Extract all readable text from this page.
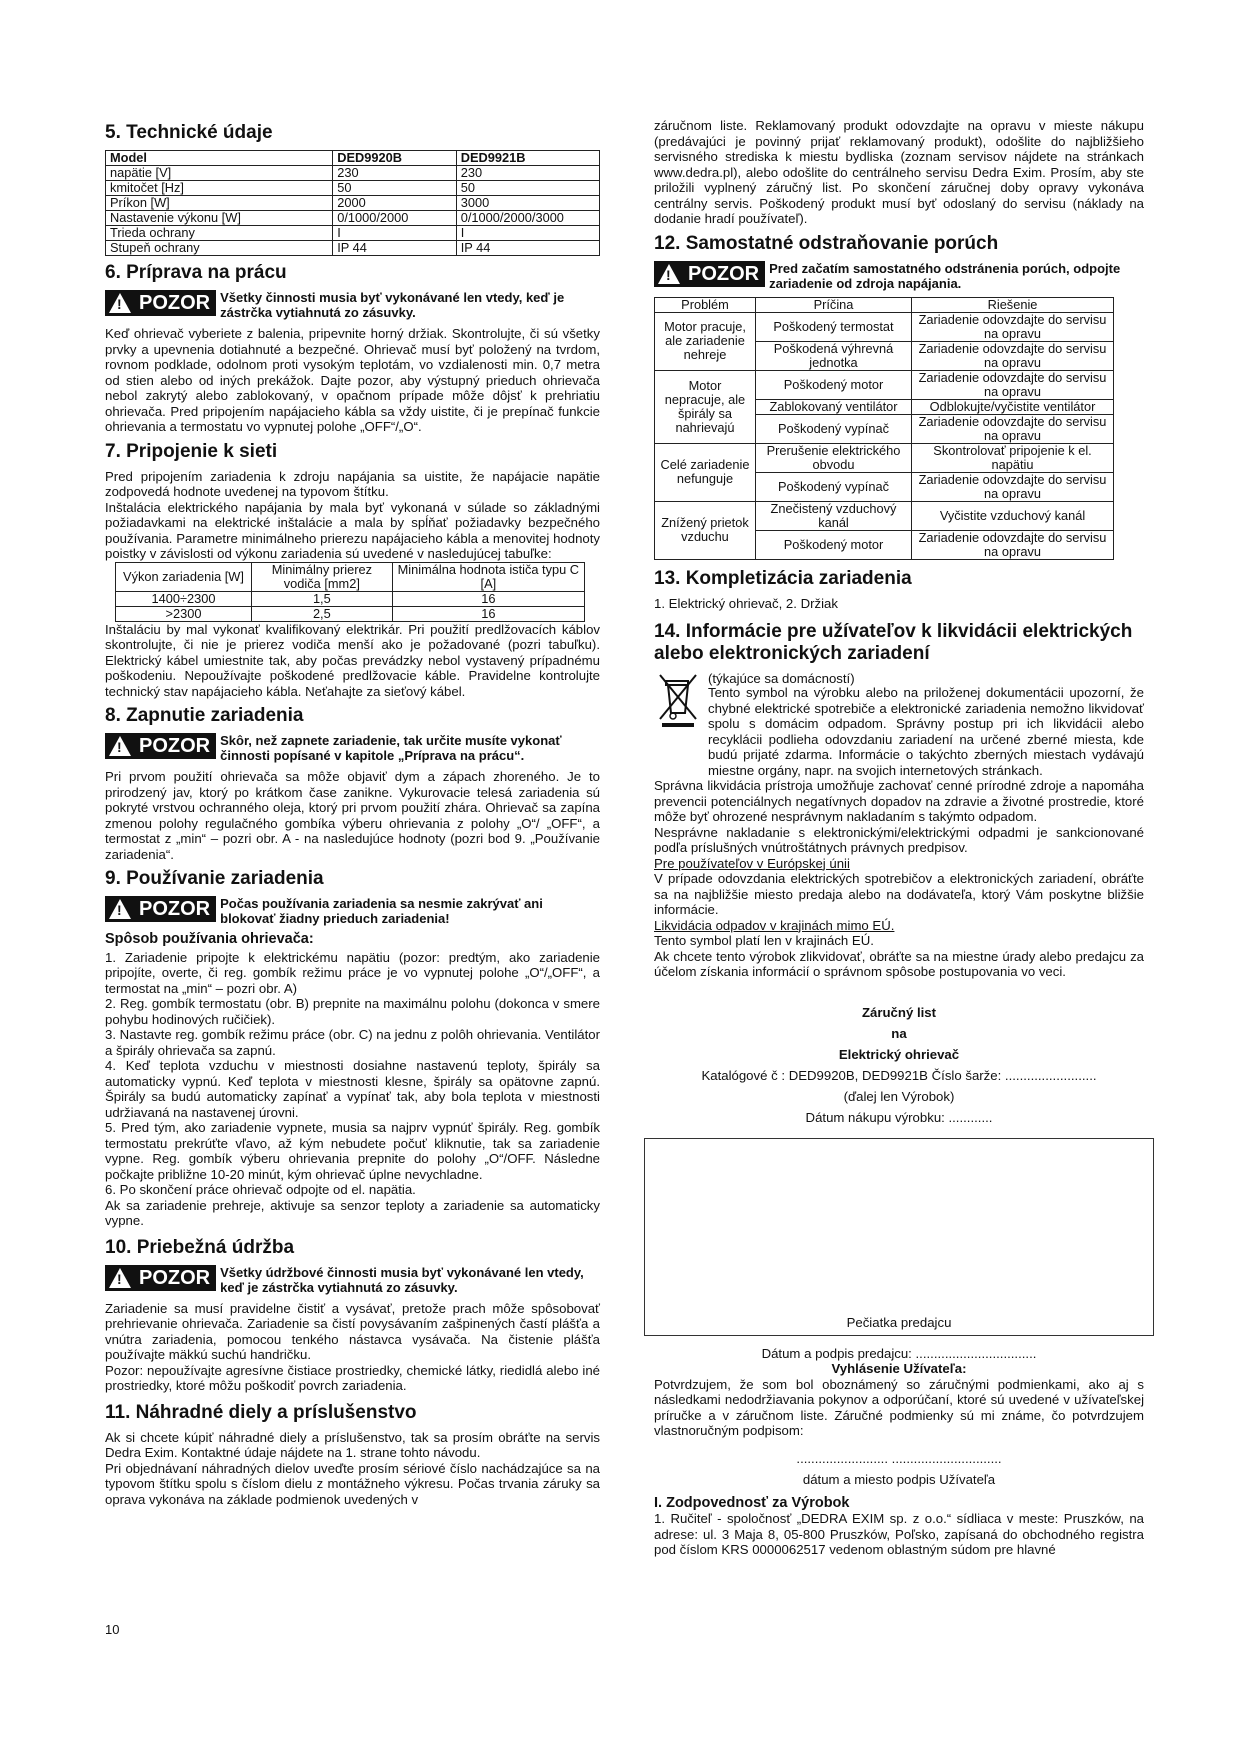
5. Technické údaje
Model	DED9920B	DED9921B
napätie [V]	230	230
kmitočet [Hz]	50	50
Príkon [W]	2000	3000
Nastavenie výkonu [W]	0/1000/2000	0/1000/2000/3000
Trieda ochrany	I	I
Stupeň ochrany	IP 44	IP 44
6. Príprava na prácu
! POZOR Všetky činnosti musia byť vykonávané len vtedy, keď je zástrčka vytiahnutá zo zásuvky.

Keď ohrievač vyberiete z balenia, pripevnite horný držiak. Skontrolujte, či sú všetky prvky a upevnenia dotiahnuté a bezpečné. Ohrievač musí byť položený na tvrdom, rovnom podklade, odolnom proti vysokým teplotám, vo vzdialenosti min. 0,7 metra od stien alebo od iných prekážok. Dajte pozor, aby výstupný prieduch ohrievača nebol zakrytý alebo zablokovaný, v opačnom prípade môže dôjsť k prehriatiu ohrievača. Pred pripojením napájacieho kábla sa vždy uistite, či je prepínač funkcie ohrievania a termostatu vo vypnutej polohe „OFF“/„O“.

7. Pripojenie k sieti

Pred pripojením zariadenia k zdroju napájania sa uistite, že napájacie napätie zodpovedá hodnote uvedenej na typovom štítku.

Inštalácia elektrického napájania by mala byť vykonaná v súlade so základnými požiadavkami na elektrické inštalácie a mala by spĺňať požiadavky bezpečného používania. Parametre minimálneho prierezu napájacieho kábla a menovitej hodnoty poistky v závislosti od výkonu zariadenia sú uvedené v nasledujúcej tabuľke:

Výkon zariadenia [W]	Minimálny prierez vodiča [mm2]	Minimálna hodnota ističa typu C [A]
1400÷2300	1,5	16
>2300	2,5	16

Inštaláciu by mal vykonať kvalifikovaný elektrikár. Pri použití predlžovacích káblov skontrolujte, či nie je prierez vodiča menší ako je požadované (pozri tabuľku). Elektrický kábel umiestnite tak, aby počas prevádzky nebol vystavený prípadnému poškodeniu. Nepoužívajte poškodené predlžovacie káble. Pravidelne kontrolujte technický stav napájacieho kábla. Neťahajte za sieťový kábel.

8. Zapnutie zariadenia
! POZOR Skôr, než zapnete zariadenie, tak určite musíte vykonať činnosti popísané v kapitole „Príprava na prácu“.

Pri prvom použití ohrievača sa môže objaviť dym a zápach zhoreného. Je to prirodzený jav, ktorý po krátkom čase zanikne. Vykurovacie telesá zariadenia sú pokryté vrstvou ochranného oleja, ktorý pri prvom použití zhára. Ohrievač sa zapína zmenou polohy regulačného gombíka výberu ohrievania z polohy „O“/ „OFF“, a termostat z „min“ – pozri obr. A - na nasledujúce hodnoty (pozri bod 9. „Používanie zariadenia“.

9. Používanie zariadenia
! POZOR Počas používania zariadenia sa nesmie zakrývať ani blokovať žiadny prieduch zariadenia!
Spôsob používania ohrievača:

1. Zariadenie pripojte k elektrickému napätiu (pozor: predtým, ako zariadenie pripojíte, overte, či reg. gombík režimu práce je vo vypnutej polohe „O“/„OFF“, a termostat na „min“ – pozri obr. A)

2. Reg. gombík termostatu (obr. B) prepnite na maximálnu polohu (dokonca v smere pohybu hodinových ručičiek).

3. Nastavte reg. gombík režimu práce (obr. C) na jednu z polôh ohrievania. Ventilátor a špirály ohrievača sa zapnú.

4. Keď teplota vzduchu v miestnosti dosiahne nastavenú teploty, špirály sa automaticky vypnú. Keď teplota v miestnosti klesne, špirály sa opätovne zapnú. Špirály sa budú automaticky zapínať a vypínať tak, aby bola teplota v miestnosti udržiavaná na nastavenej úrovni.

5. Pred tým, ako zariadenie vypnete, musia sa najprv vypnúť špirály. Reg. gombík termostatu prekrúťte vľavo, až kým nebudete počuť kliknutie, tak sa zariadenie vypne. Reg. gombík výberu ohrievania prepnite do polohy „O“/OFF. Následne počkajte približne 10-20 minút, kým ohrievač úplne nevychladne.

6. Po skončení práce ohrievač odpojte od el. napätia.

Ak sa zariadenie prehreje, aktivuje sa senzor teploty a zariadenie sa automaticky vypne.

10. Priebežná údržba
! POZOR Všetky údržbové činnosti musia byť vykonávané len vtedy, keď je zástrčka vytiahnutá zo zásuvky.

Zariadenie sa musí pravidelne čistiť a vysávať, pretože prach môže spôsobovať prehrievanie ohrievača. Zariadenie sa čistí povysávaním zašpinených častí plášťa a vnútra zariadenia, pomocou tenkého nástavca vysávača. Na čistenie plášťa používajte mäkkú suchú handričku.

Pozor: nepoužívajte agresívne čistiace prostriedky, chemické látky, riedidlá alebo iné prostriedky, ktoré môžu poškodiť povrch zariadenia.

11. Náhradné diely a príslušenstvo

Ak si chcete kúpiť náhradné diely a príslušenstvo, tak sa prosím obráťte na servis Dedra Exim. Kontaktné údaje nájdete na 1. strane tohto návodu.

Pri objednávaní náhradných dielov uveďte prosím sériové číslo nachádzajúce sa na typovom štítku spolu s číslom dielu z montážneho výkresu. Počas trvania záruky sa oprava vykonáva na základe podmienok uvedených v

10

záručnom liste. Reklamovaný produkt odovzdajte na opravu v mieste nákupu (predávajúci je povinný prijať reklamovaný produkt), odošlite do najbližšieho servisného strediska k miestu bydliska (zoznam servisov nájdete na stránkach www.dedra.pl), alebo odošlite do centrálneho servisu Dedra Exim. Prosím, aby ste priložili vyplnený záručný list. Po skončení záručnej doby opravy vykonáva centrálny servis. Poškodený produkt musí byť odoslaný do servisu (náklady na dodanie hradí používateľ).

12. Samostatné odstraňovanie porúch
! POZOR Pred začatím samostatného odstránenia porúch, odpojte zariadenie od zdroja napájania.
Problém	Príčina	Riešenie
Motor pracuje, ale zariadenie nehreje	Poškodený termostat	Zariadenie odovzdajte do servisu na opravu
	Poškodená výhrevná jednotka	Zariadenie odovzdajte do servisu na opravu
Motor nepracuje, ale špirály sa nahrievajú	Poškodený motor	Zariadenie odovzdajte do servisu na opravu
	Zablokovaný ventilátor	Odblokujte/vyčistite ventilátor
	Poškodený vypínač	Zariadenie odovzdajte do servisu na opravu
Celé zariadenie nefunguje	Prerušenie elektrického obvodu	Skontrolovať pripojenie k el. napätiu
	Poškodený vypínač	Zariadenie odovzdajte do servisu na opravu
Znížený prietok vzduchu	Znečistený vzduchový kanál	Vyčistite vzduchový kanál
	Poškodený motor	Zariadenie odovzdajte do servisu na opravu
13. Kompletizácia zariadenia

1. Elektrický ohrievač, 2. Držiak

14. Informácie pre užívateľov k likvidácii elektrických alebo elektronických zariadení

(týkajúce sa domácností)

Tento symbol na výrobku alebo na priloženej dokumentácii upozorní, že chybné elektrické spotrebiče a elektronické zariadenia nemožno likvidovať spolu s domácim odpadom. Správny postup pri ich likvidácii alebo recyklácii podlieha odovzdaniu zariadení na určené zberné miesta, kde budú prijaté zdarma. Informácie o takýchto zberných miestach vydávajú miestne orgány, napr. na svojich internetových stránkach.

Správna likvidácia prístroja umožňuje zachovať cenné prírodné zdroje a napomáha prevencii potenciálnych negatívnych dopadov na zdravie a životné prostredie, ktoré môže byť ohrozené nesprávnym nakladaním s takýmto odpadom.

Nesprávne nakladanie s elektronickými/elektrickými odpadmi je sankcionované podľa príslušných vnútroštátnych právnych predpisov.

Pre používateľov v Európskej únii

V prípade odovzdania elektrických spotrebičov a elektronických zariadení, obráťte sa na najbližšie miesto predaja alebo na dodávateľa, ktorý Vám poskytne bližšie informácie.

Likvidácia odpadov v krajinách mimo EÚ.

Tento symbol platí len v krajinách EÚ.

Ak chcete tento výrobok zlikvidovať, obráťte sa na miestne úrady alebo predajcu za účelom získania informácií o správnom spôsobe postupovania vo veci.

Záručný list

na

Elektrický ohrievač

Katalógové č : DED9920B, DED9921B Číslo šarže: .........................

(ďalej len Výrobok)

Dátum nákupu výrobku: ............

Pečiatka predajcu

Dátum a podpis predajcu: .................................

Vyhlásenie Užívateľa:

Potvrdzujem, že som bol oboznámený so záručnými podmienkami, ako aj s následkami nedodržiavania pokynov a odporúčaní, ktoré sú uvedené v užívateľskej príručke a v záručnom liste. Záručné podmienky sú mi známe, čo potvrdzujem vlastnoručným podpisom:

......................... ..............................

dátum a miesto podpis Užívateľa

I. Zodpovednosť za Výrobok

1. Ručiteľ - spoločnosť „DEDRA EXIM sp. z o.o.“ sídliaca v meste: Pruszków, na adrese: ul. 3 Maja 8, 05-800 Pruszków, Poľsko, zapísaná do obchodného registra pod číslom KRS 0000062517 vedenom oblastným súdom pre hlavné
